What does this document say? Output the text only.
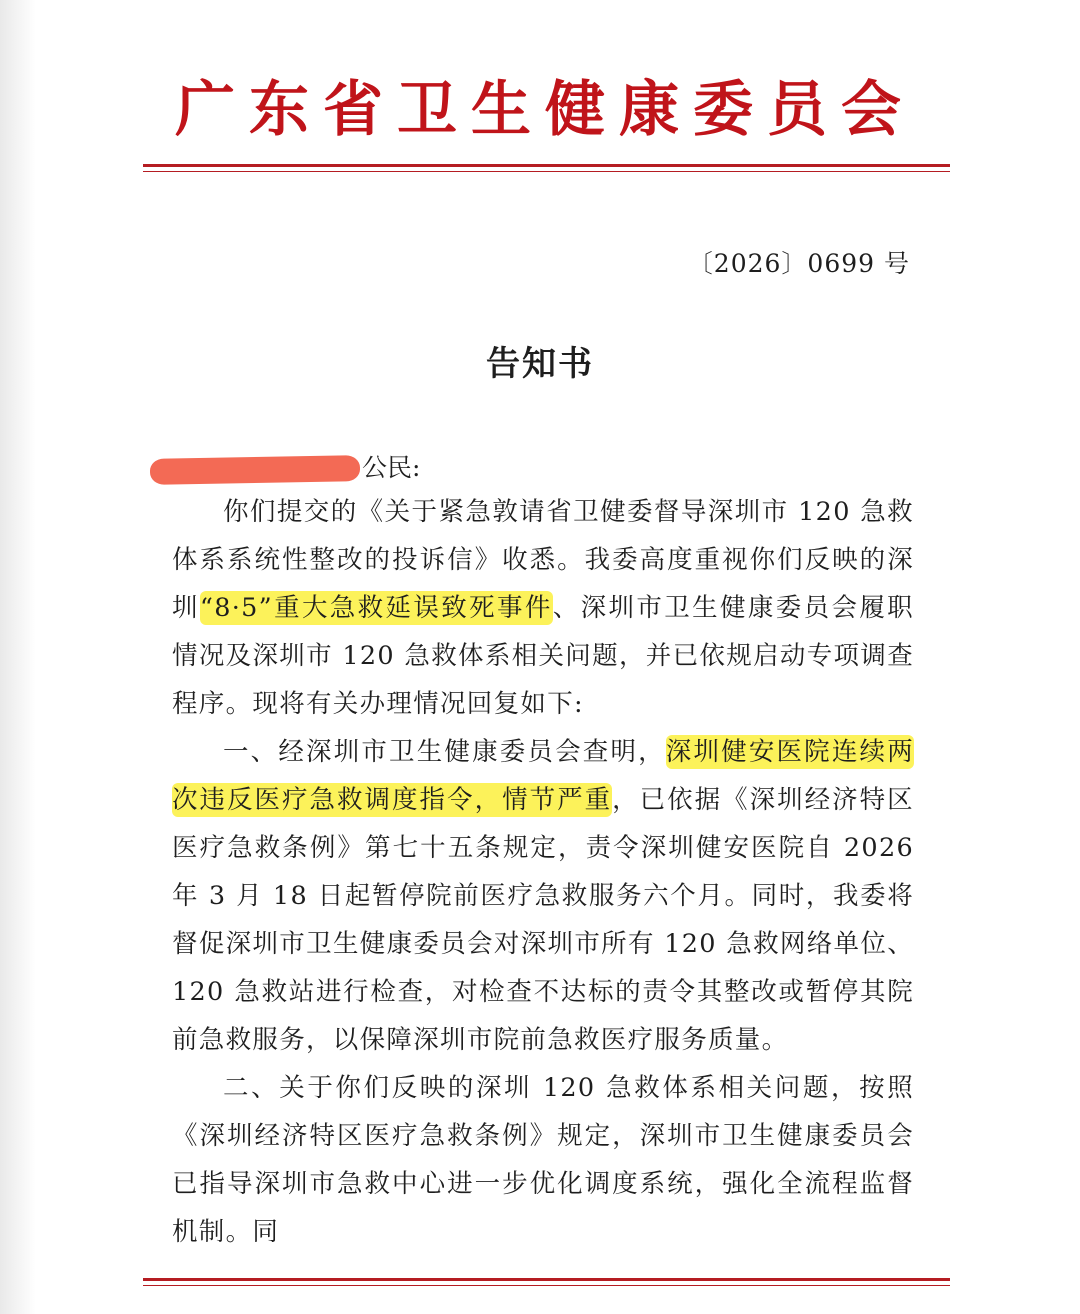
广东省卫生健康委员会
〔2026〕0699 号
告知书
公民:

你们提交的《关于紧急敦请省卫健委督导深圳市 120 急救体系系统性整改的投诉信》收悉。我委高度重视你们反映的深圳“8·5”重大急救延误致死事件、深圳市卫生健康委员会履职情况及深圳市 120 急救体系相关问题，并已依规启动专项调查程序。现将有关办理情况回复如下:

一、经深圳市卫生健康委员会查明，深圳健安医院连续两次违反医疗急救调度指令，情节严重，已依据《深圳经济特区医疗急救条例》第七十五条规定，责令深圳健安医院自 2026 年 3 月 18 日起暂停院前医疗急救服务六个月。同时，我委将督促深圳市卫生健康委员会对深圳市所有 120 急救网络单位、120 急救站进行检查，对检查不达标的责令其整改或暂停其院前急救服务，以保障深圳市院前急救医疗服务质量。

二、关于你们反映的深圳 120 急救体系相关问题，按照《深圳经济特区医疗急救条例》规定，深圳市卫生健康委员会已指导深圳市急救中心进一步优化调度系统，强化全流程监督机制。同
